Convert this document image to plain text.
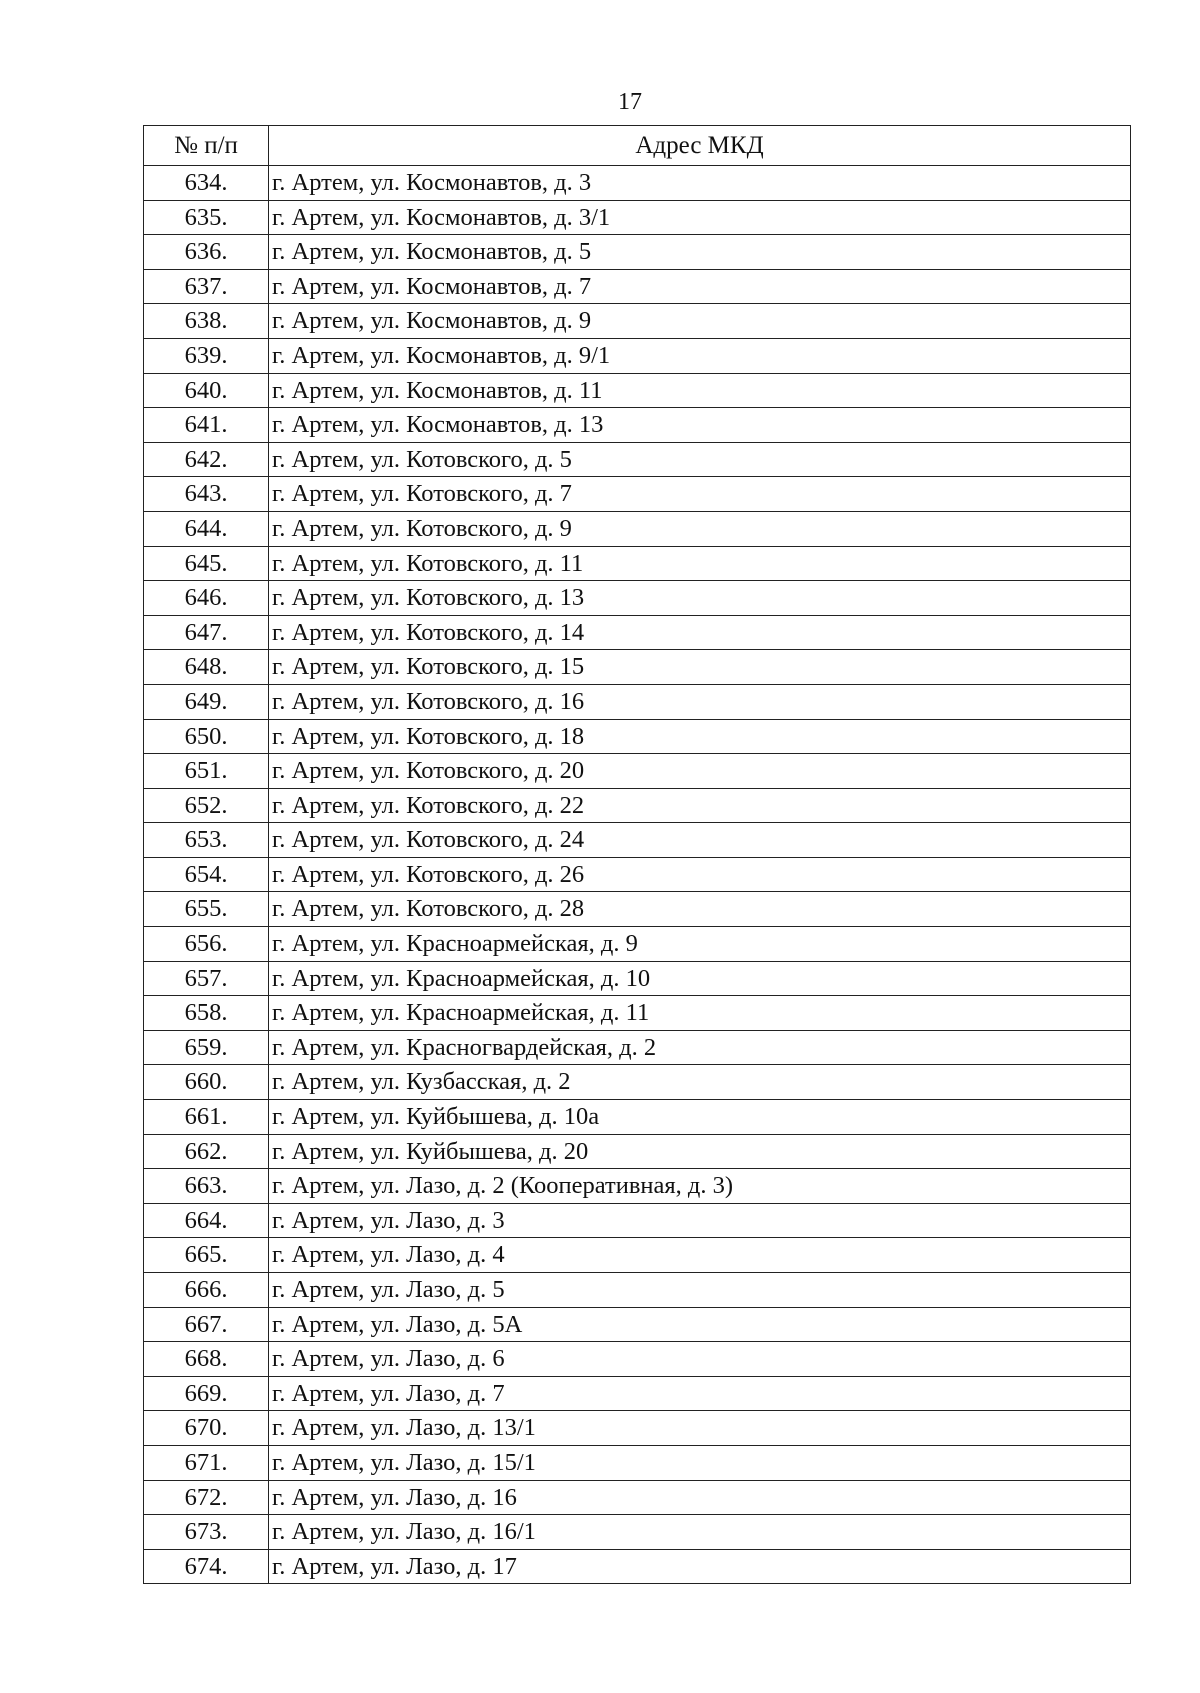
17
№ п/п	Адрес МКД
634.	г. Артем, ул. Космонавтов, д. 3
635.	г. Артем, ул. Космонавтов, д. 3/1
636.	г. Артем, ул. Космонавтов, д. 5
637.	г. Артем, ул. Космонавтов, д. 7
638.	г. Артем, ул. Космонавтов, д. 9
639.	г. Артем, ул. Космонавтов, д. 9/1
640.	г. Артем, ул. Космонавтов, д. 11
641.	г. Артем, ул. Космонавтов, д. 13
642.	г. Артем, ул. Котовского, д. 5
643.	г. Артем, ул. Котовского, д. 7
644.	г. Артем, ул. Котовского, д. 9
645.	г. Артем, ул. Котовского, д. 11
646.	г. Артем, ул. Котовского, д. 13
647.	г. Артем, ул. Котовского, д. 14
648.	г. Артем, ул. Котовского, д. 15
649.	г. Артем, ул. Котовского, д. 16
650.	г. Артем, ул. Котовского, д. 18
651.	г. Артем, ул. Котовского, д. 20
652.	г. Артем, ул. Котовского, д. 22
653.	г. Артем, ул. Котовского, д. 24
654.	г. Артем, ул. Котовского, д. 26
655.	г. Артем, ул. Котовского, д. 28
656.	г. Артем, ул. Красноармейская, д. 9
657.	г. Артем, ул. Красноармейская, д. 10
658.	г. Артем, ул. Красноармейская, д. 11
659.	г. Артем, ул. Красногвардейская, д. 2
660.	г. Артем, ул. Кузбасская, д. 2
661.	г. Артем, ул. Куйбышева, д. 10а
662.	г. Артем, ул. Куйбышева, д. 20
663.	г. Артем, ул. Лазо, д. 2 (Кооперативная, д. 3)
664.	г. Артем, ул. Лазо, д. 3
665.	г. Артем, ул. Лазо, д. 4
666.	г. Артем, ул. Лазо, д. 5
667.	г. Артем, ул. Лазо, д. 5А
668.	г. Артем, ул. Лазо, д. 6
669.	г. Артем, ул. Лазо, д. 7
670.	г. Артем, ул. Лазо, д. 13/1
671.	г. Артем, ул. Лазо, д. 15/1
672.	г. Артем, ул. Лазо, д. 16
673.	г. Артем, ул. Лазо, д. 16/1
674.	г. Артем, ул. Лазо, д. 17
